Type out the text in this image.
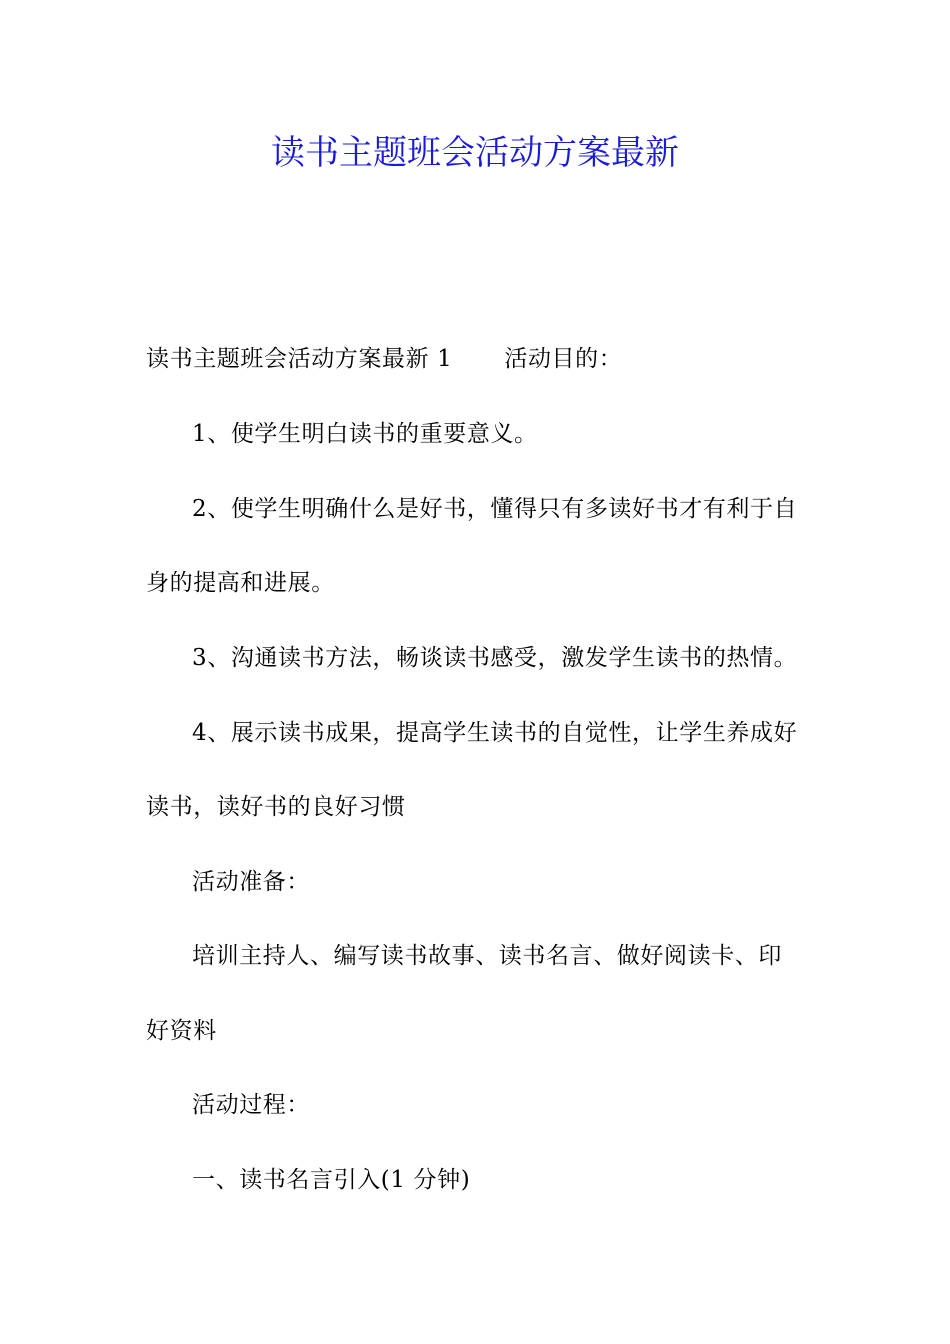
读书主题班会活动方案最新
读书主题班会活动方案最新 1 活动目的：
1、使学生明白读书的重要意义。
2、使学生明确什么是好书，懂得只有多读好书才有利于自
身的提高和进展。
3、沟通读书方法，畅谈读书感受，激发学生读书的热情。
4、展示读书成果，提高学生读书的自觉性，让学生养成好
读书，读好书的良好习惯
活动准备：
培训主持人、编写读书故事、读书名言、做好阅读卡、印
好资料
活动过程：
一、读书名言引入(1 分钟)
